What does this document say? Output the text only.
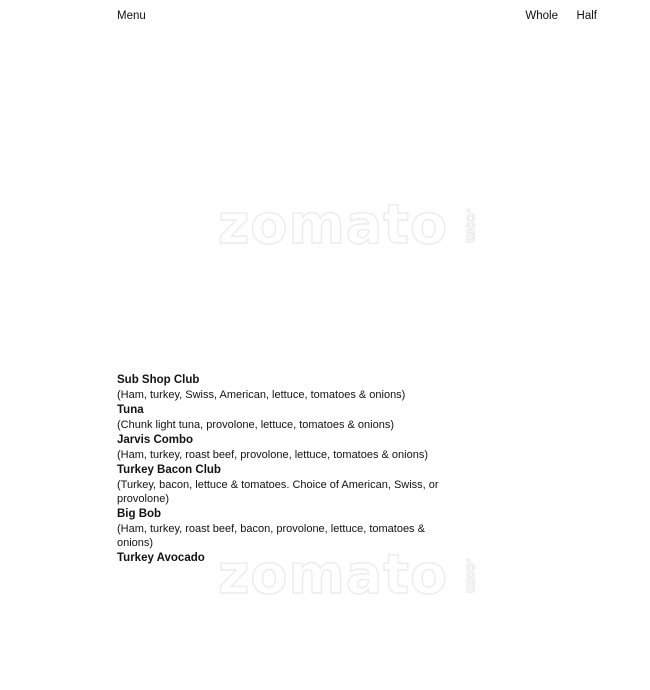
zomato .com
zomato .com
	Menu	Whole	Half

	Sub Shop Club
(Ham, turkey, Swiss, American, lettuce, tomatoes & onions)		

	Tuna
(Chunk light tuna, provolone, lettuce, tomatoes & onions)		

	Jarvis Combo
(Ham, turkey, roast beef, provolone, lettuce, tomatoes & onions)		

	Turkey Bacon Club
(Turkey, bacon, lettuce & tomatoes. Choice of American, Swiss, or provolone)		

	Big Bob
(Ham, turkey, roast beef, bacon, provolone, lettuce, tomatoes & onions)		

	Turkey Avocado		
